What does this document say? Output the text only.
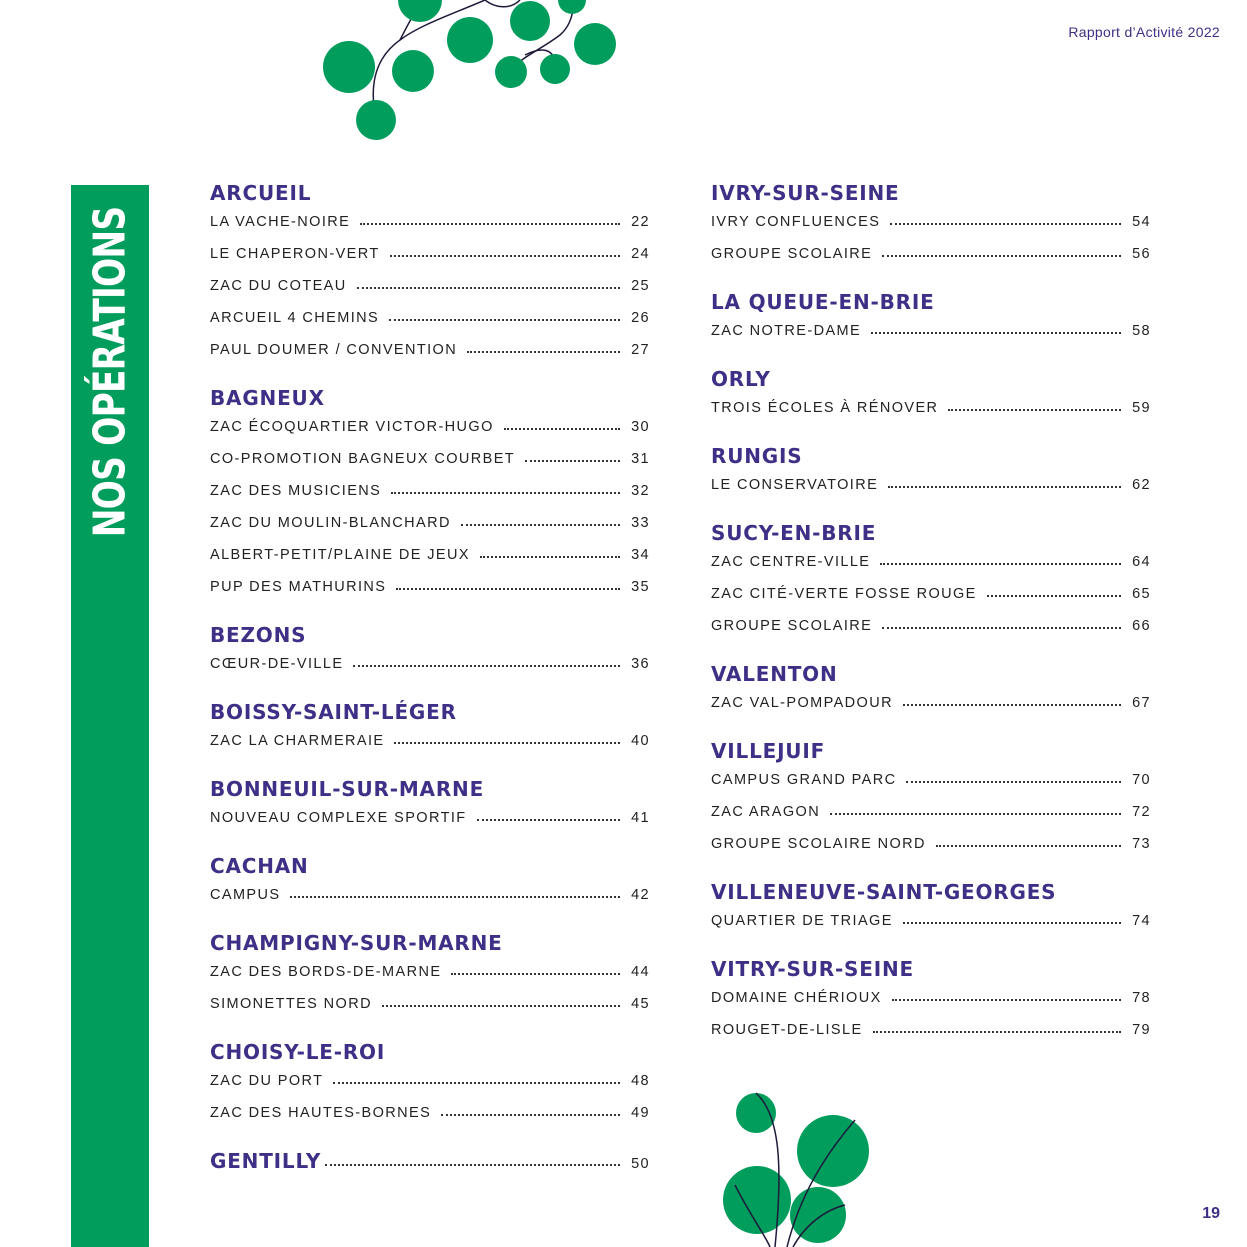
Rapport d’Activité 2022
NOS OPÉRATIONS
ARCUEIL
LA VACHE-NOIRE	22
LE CHAPERON-VERT	24
ZAC DU COTEAU	25
ARCUEIL 4 CHEMINS	26
PAUL DOUMER / CONVENTION	27
BAGNEUX
ZAC ÉCOQUARTIER VICTOR-HUGO	30
CO-PROMOTION BAGNEUX COURBET	31
ZAC DES MUSICIENS	32
ZAC DU MOULIN-BLANCHARD	33
ALBERT-PETIT/PLAINE DE JEUX	34
PUP DES MATHURINS	35
BEZONS
CŒUR-DE-VILLE	36
BOISSY-SAINT-LÉGER
ZAC LA CHARMERAIE	40
BONNEUIL-SUR-MARNE
NOUVEAU COMPLEXE SPORTIF	41
CACHAN
CAMPUS	42
CHAMPIGNY-SUR-MARNE
ZAC DES BORDS-DE-MARNE	44
SIMONETTES NORD	45
CHOISY-LE-ROI
ZAC DU PORT	48
ZAC DES HAUTES-BORNES	49
GENTILLY	50
IVRY-SUR-SEINE
IVRY CONFLUENCES	54
GROUPE SCOLAIRE	56
LA QUEUE-EN-BRIE
ZAC NOTRE-DAME	58
ORLY
TROIS ÉCOLES À RÉNOVER	59
RUNGIS
LE CONSERVATOIRE	62
SUCY-EN-BRIE
ZAC CENTRE-VILLE	64
ZAC CITÉ-VERTE FOSSE ROUGE	65
GROUPE SCOLAIRE	66
VALENTON
ZAC VAL-POMPADOUR	67
VILLEJUIF
CAMPUS GRAND PARC	70
ZAC ARAGON	72
GROUPE SCOLAIRE NORD	73
VILLENEUVE-SAINT-GEORGES
QUARTIER DE TRIAGE	74
VITRY-SUR-SEINE
DOMAINE CHÉRIOUX	78
ROUGET-DE-LISLE	79
19
